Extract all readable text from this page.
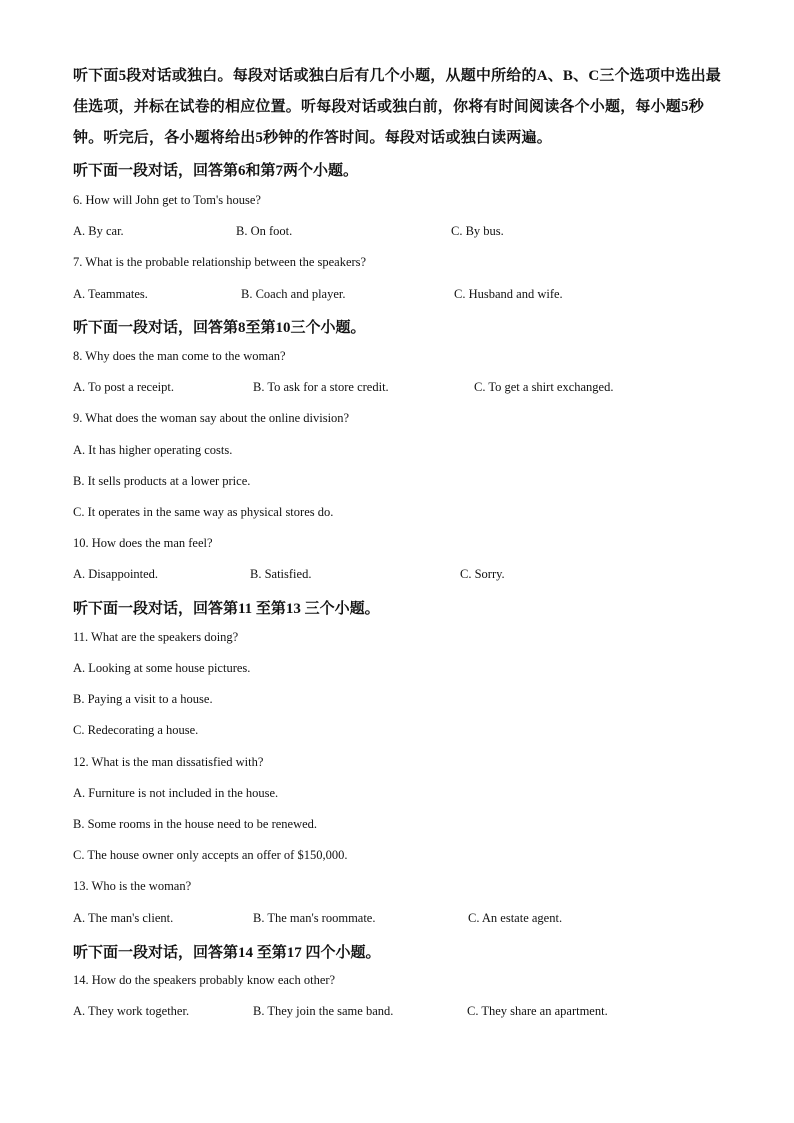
听下面5段对话或独白。每段对话或独白后有几个小题，从题中所给的A、B、C三个选项中选出最佳选项，并标在试卷的相应位置。听每段对话或独白前，你将有时间阅读各个小题，每小题5秒钟。听完后，各小题将给出5秒钟的作答时间。每段对话或独白读两遍。
听下面一段对话，回答第6和第7两个小题。
6. How will John get to Tom's house?
A. By car.	B. On foot.	C. By bus.
7. What is the probable relationship between the speakers?
A. Teammates.	B. Coach and player.	C. Husband and wife.
听下面一段对话，回答第8至第10三个小题。
8. Why does the man come to the woman?
A. To post a receipt.	B. To ask for a store credit.	C. To get a shirt exchanged.
9. What does the woman say about the online division?
A. It has higher operating costs.
B. It sells products at a lower price.
C. It operates in the same way as physical stores do.
10. How does the man feel?
A. Disappointed.	B. Satisfied.	C. Sorry.
听下面一段对话，回答第11 至第13 三个小题。
11. What are the speakers doing?
A. Looking at some house pictures.
B. Paying a visit to a house.
C. Redecorating a house.
12. What is the man dissatisfied with?
A. Furniture is not included in the house.
B. Some rooms in the house need to be renewed.
C. The house owner only accepts an offer of $150,000.
13. Who is the woman?
A. The man's client.	B. The man's roommate.	C. An estate agent.
听下面一段对话，回答第14 至第17 四个小题。
14. How do the speakers probably know each other?
A. They work together.	B. They join the same band.	C. They share an apartment.
